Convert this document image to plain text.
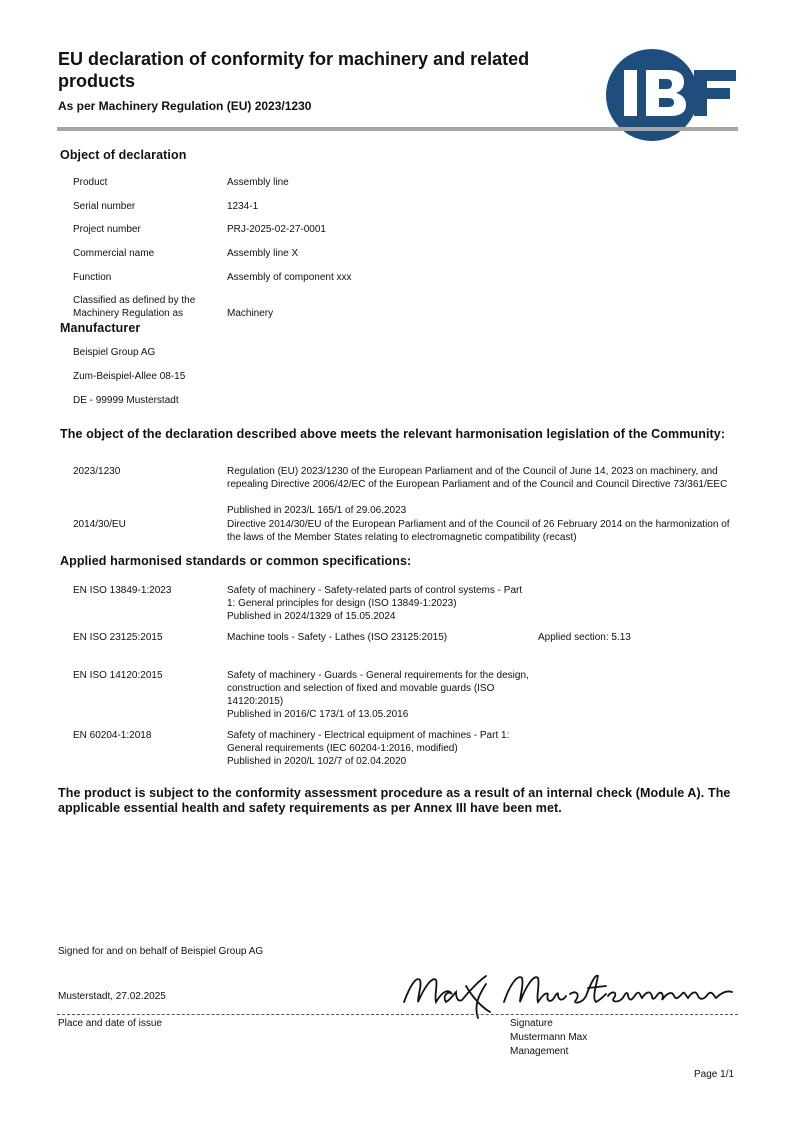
EU declaration of conformity for machinery and related products
As per Machinery Regulation (EU) 2023/1230
Object of declaration
Product	Assembly line
Serial number	1234-1
Project number	PRJ-2025-02-27-0001
Commercial name	Assembly line X
Function	Assembly of component xxx
Classified as defined by the Machinery Regulation as	Machinery
Manufacturer
Beispiel Group AG
Zum-Beispiel-Allee 08-15
DE - 99999 Musterstadt
The object of the declaration described above meets the relevant harmonisation legislation of the Community:
2023/1230	Regulation (EU) 2023/1230 of the European Parliament and of the Council of June 14, 2023 on machinery, and repealing Directive 2006/42/EC of the European Parliament and of the Council and Council Directive 73/361/EEC
Published in 2023/L 165/1 of 29.06.2023
2014/30/EU	Directive 2014/30/EU of the European Parliament and of the Council of 26 February 2014 on the harmonization of the laws of the Member States relating to electromagnetic compatibility (recast)
Applied harmonised standards or common specifications:
EN ISO 13849-1:2023	Safety of machinery - Safety-related parts of control systems - Part 1: General principles for design (ISO 13849-1:2023)
Published in 2024/1329 of 15.05.2024
EN ISO 23125:2015	Machine tools - Safety - Lathes (ISO 23125:2015)	Applied section: 5.13
EN ISO 14120:2015	Safety of machinery - Guards - General requirements for the design, construction and selection of fixed and movable guards (ISO 14120:2015)
Published in 2016/C 173/1 of 13.05.2016
EN 60204-1:2018	Safety of machinery - Electrical equipment of machines - Part 1: General requirements (IEC 60204-1:2016, modified)
Published in 2020/L 102/7 of 02.04.2020
The product is subject to the conformity assessment procedure as a result of an internal check (Module A). The applicable essential health and safety requirements as per Annex III have been met.
Signed for and on behalf of Beispiel Group AG
Musterstadt, 27.02.2025
Place and date of issue	Signature
Mustermann Max
Management
Page 1/1
